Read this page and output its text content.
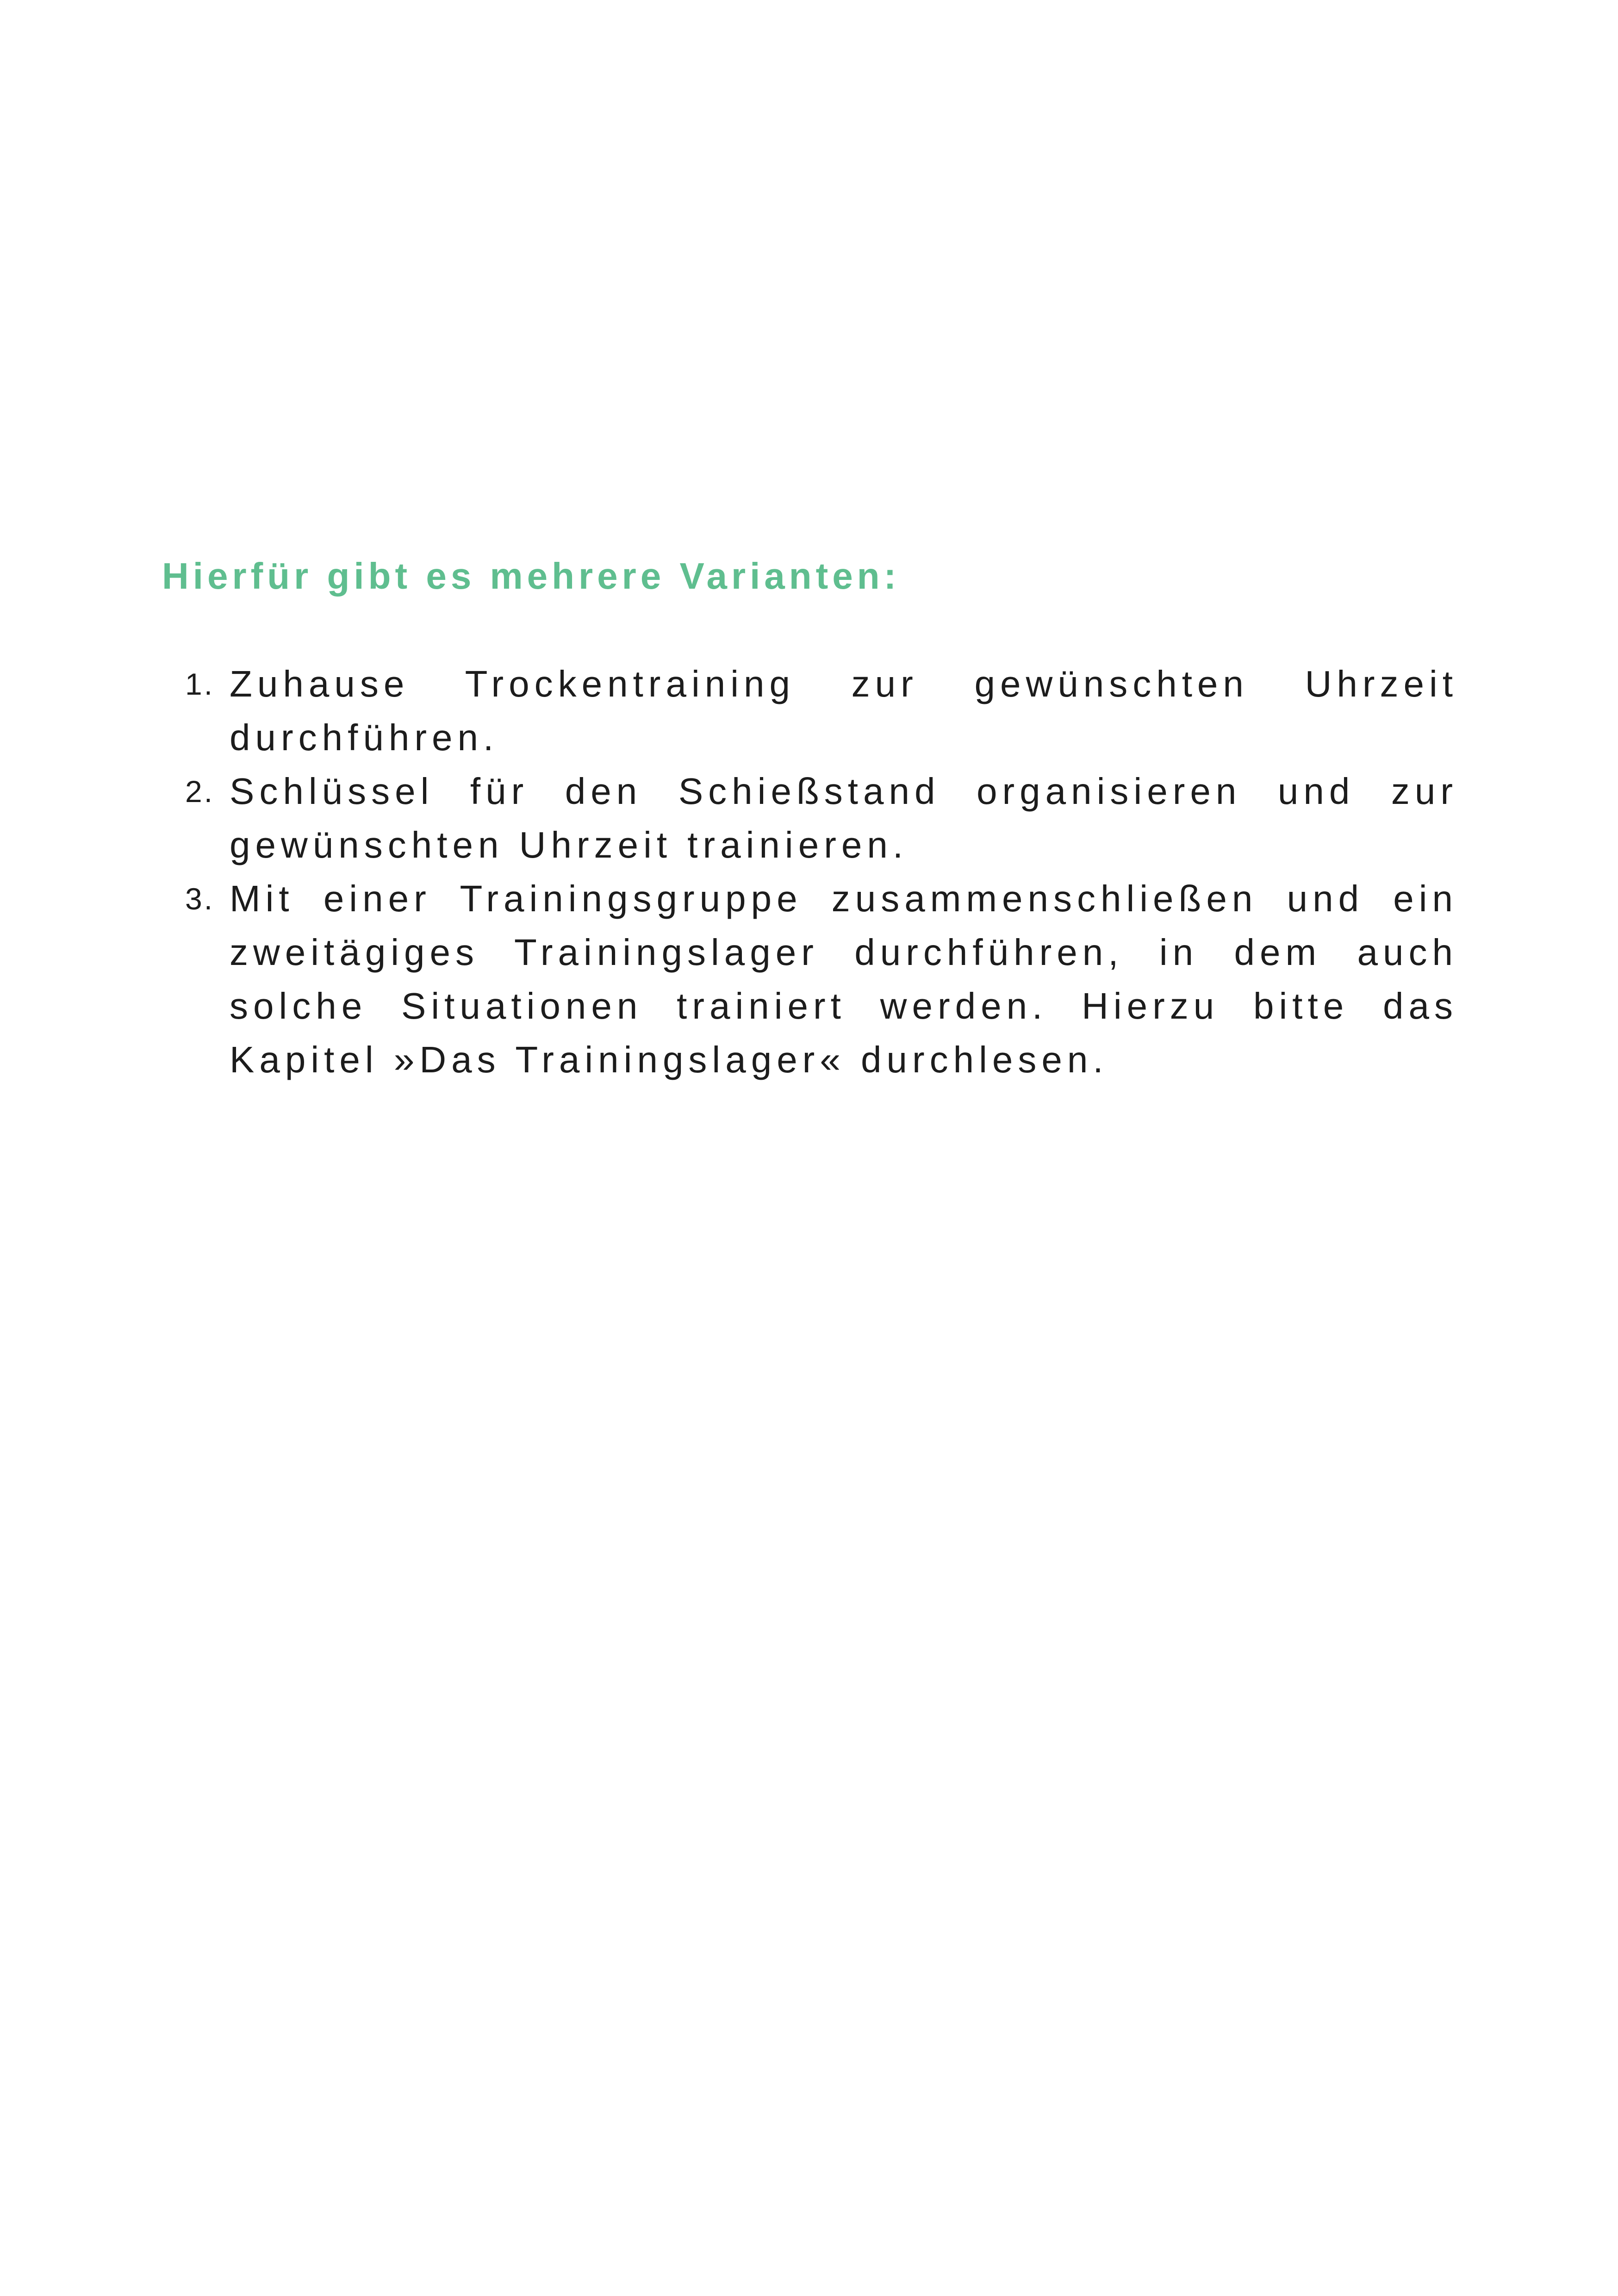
Hierfür gibt es mehrere Varianten:
1. Zuhause Trockentraining zur gewünschten Uhrzeit durchführen.
2. Schlüssel für den Schießstand organisieren und zur gewünschten Uhrzeit trainieren.
3. Mit einer Trainingsgruppe zusammenschließen und ein zweitägiges Trainingslager durchführen, in dem auch solche Situationen trainiert werden. Hierzu bitte das Kapitel »Das Trainingslager« durchlesen.
